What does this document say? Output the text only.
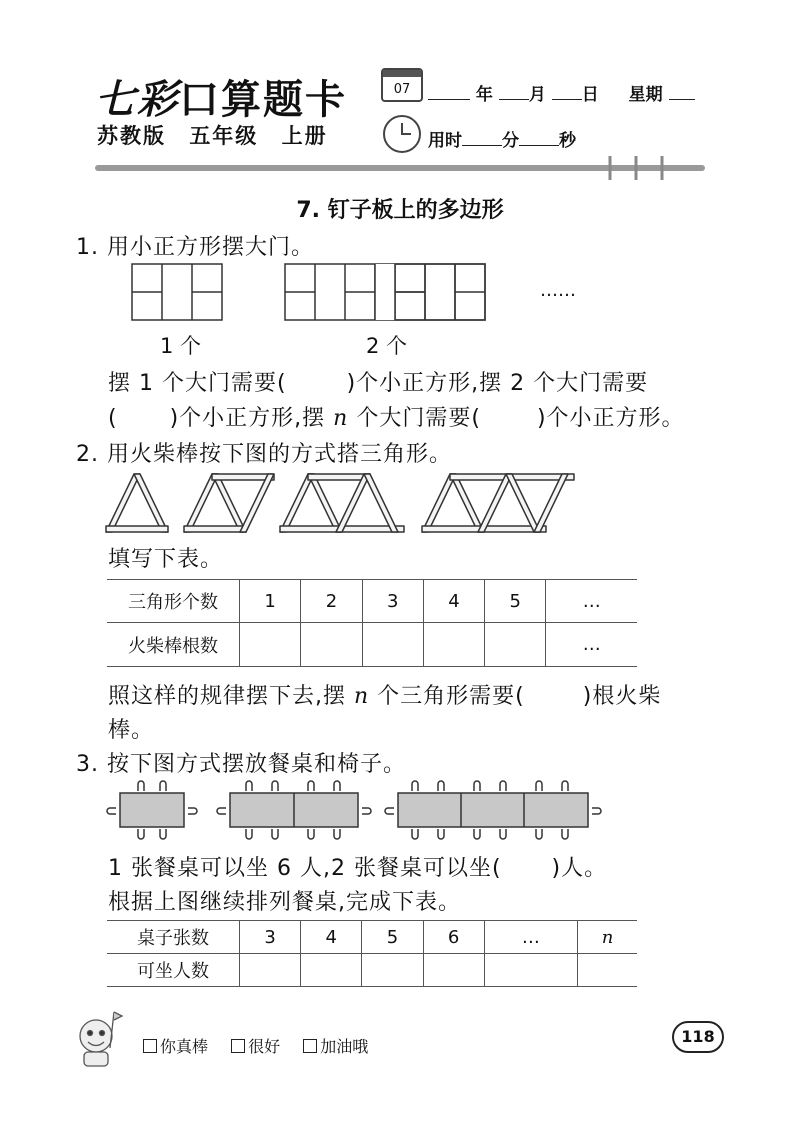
七彩口算题卡
苏教版 五年级 上册
07	年 月 日 星期
用时 分 秒
7. 钉子板上的多边形
1. 用小正方形摆大门。
……
1 个	2 个
摆 1 个大门需要(	)个小正方形,摆 2 个大门需要
( )个小正方形,摆 n 个大门需要(	)个小正方形。
2. 用火柴棒按下图的方式搭三角形。
填写下表。
三角形个数	1	2	3	4	5	…
火柴棒根数						…
照这样的规律摆下去,摆 n 个三角形需要(	)根火柴
棒。
3. 按下图方式摆放餐桌和椅子。
1 张餐桌可以坐 6 人,2 张餐桌可以坐( )人。
根据上图继续排列餐桌,完成下表。
桌子张数	3	4	5	6	…	n
可坐人数						
你真棒	很好	加油哦
118
